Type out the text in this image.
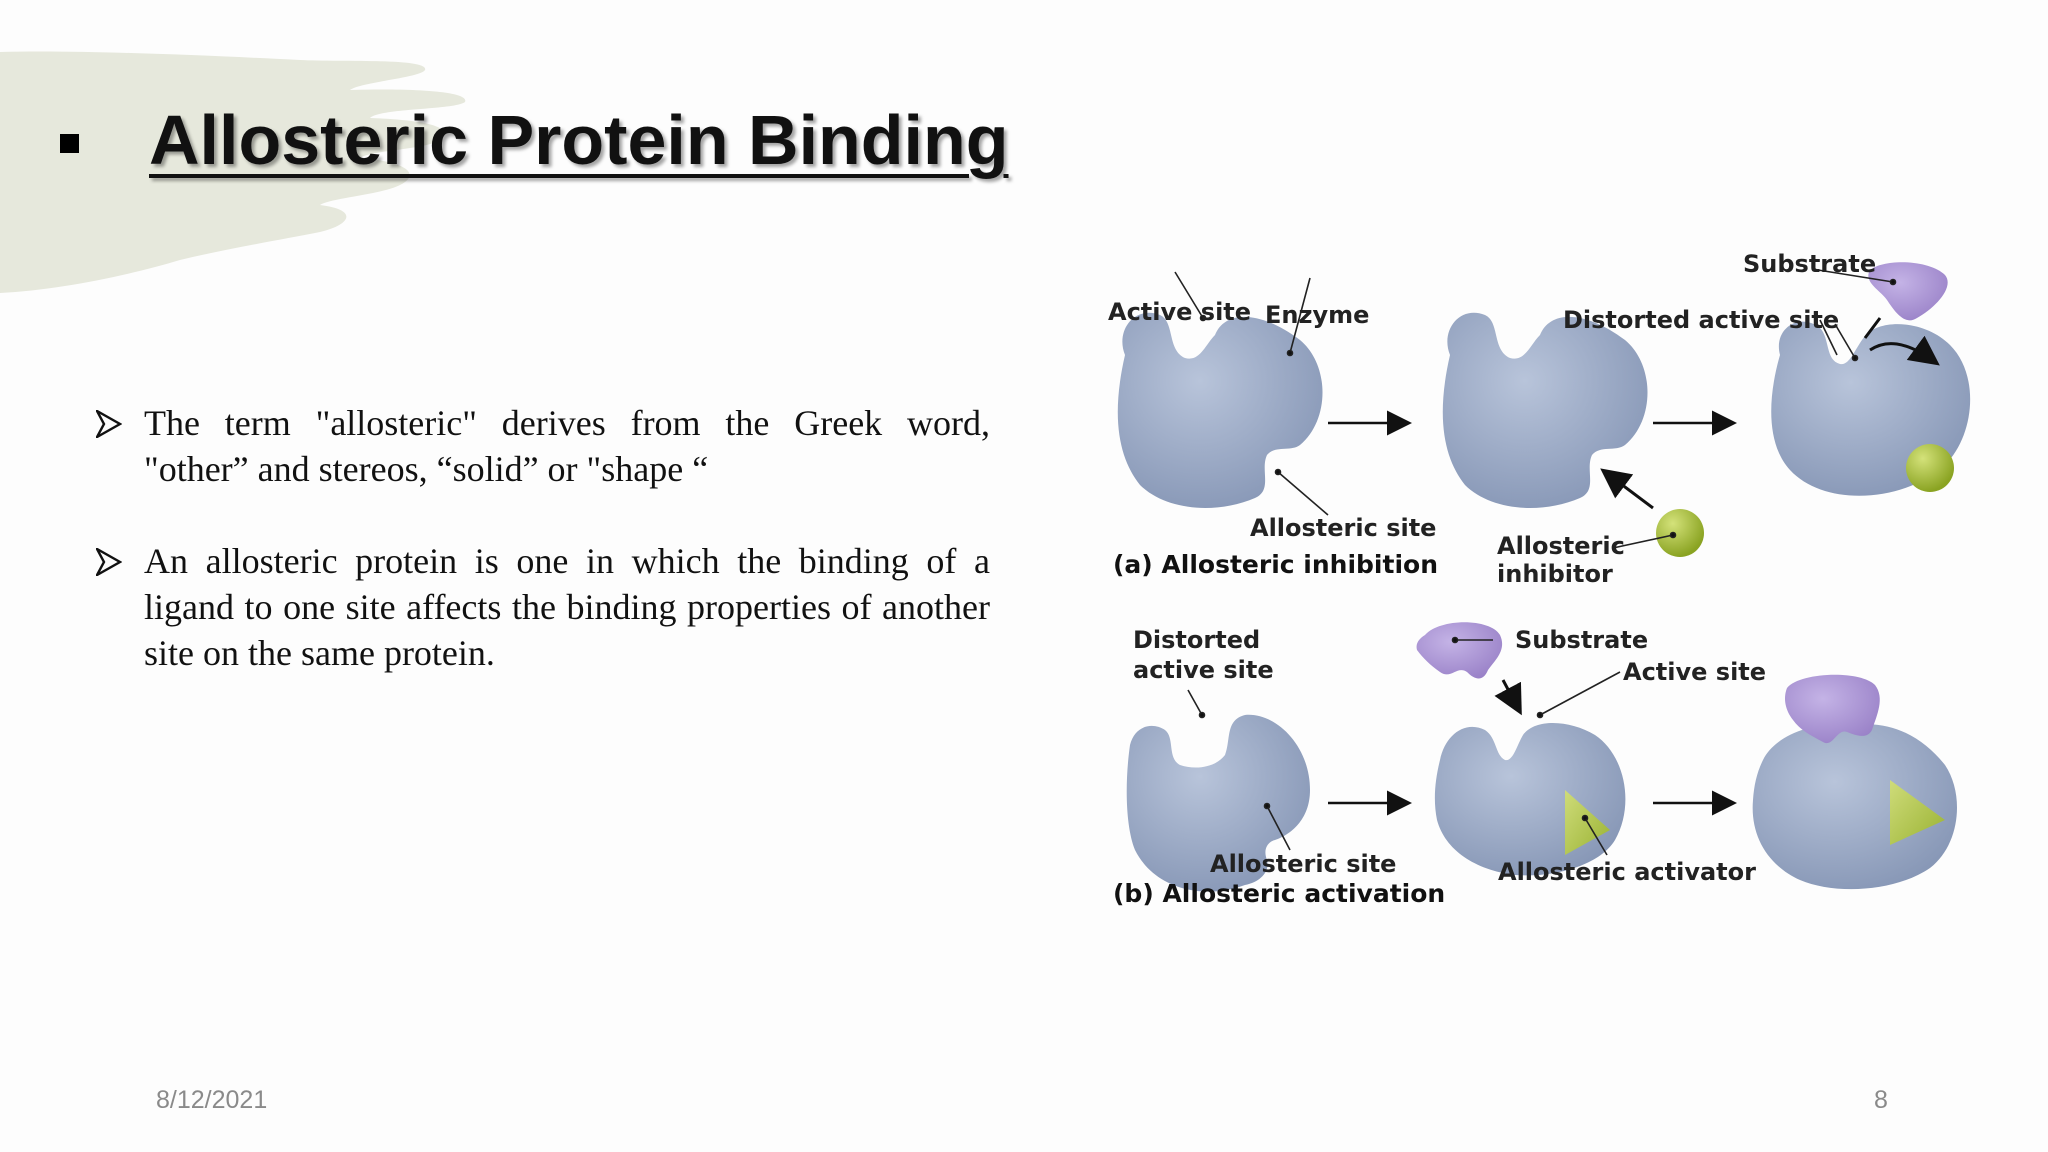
Allosteric Protein Binding
The term "allosteric" derives from the Greek word, "other” and stereos, “solid” or "shape “
An allosteric protein is one in which the binding of a ligand to one site affects the binding properties of another site on the same protein.
Active site Enzyme
Substrate
Distorted active site
Allosteric site
Allosteric
inhibitor
(a) Allosteric inhibition
Distorted
active site
Substrate
Active site
Allosteric site	Allosteric activator
(b) Allosteric activation
8/12/2021	8
